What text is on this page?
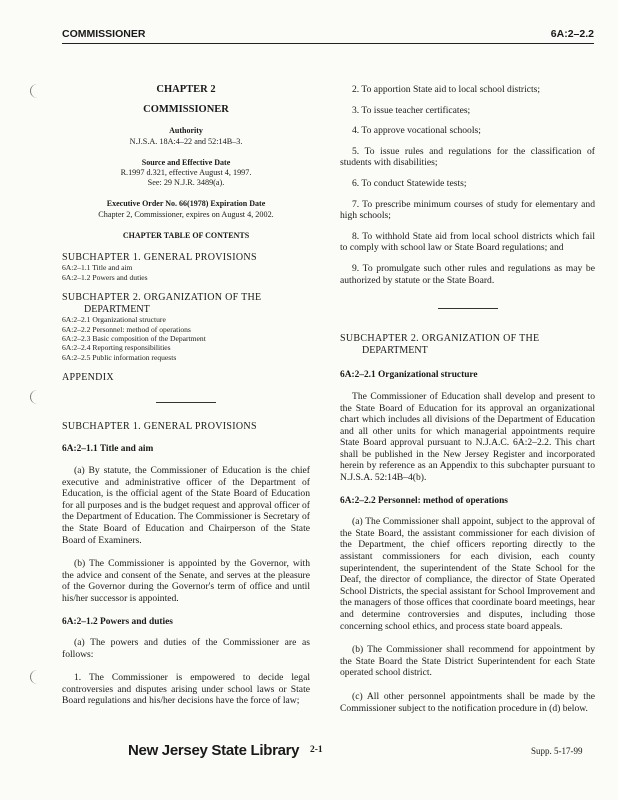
COMMISSIONER	6A:2–2.2
CHAPTER 2
COMMISSIONER
Authority
N.J.S.A. 18A:4–22 and 52:14B–3.
Source and Effective Date
R.1997 d.321, effective August 4, 1997.
See: 29 N.J.R. 3489(a).
Executive Order No. 66(1978) Expiration Date
Chapter 2, Commissioner, expires on August 4, 2002.
CHAPTER TABLE OF CONTENTS
SUBCHAPTER 1. GENERAL PROVISIONS
6A:2–1.1 Title and aim
6A:2–1.2 Powers and duties
SUBCHAPTER 2. ORGANIZATION OF THE
DEPARTMENT
6A:2–2.1 Organizational structure
6A:2–2.2 Personnel: method of operations
6A:2–2.3 Basic composition of the Department
6A:2–2.4 Reporting responsibilities
6A:2–2.5 Public information requests
APPENDIX
SUBCHAPTER 1. GENERAL PROVISIONS
6A:2–1.1 Title and aim

(a) By statute, the Commissioner of Education is the chief executive and administrative officer of the Department of Education, is the official agent of the State Board of Education for all purposes and is the budget request and approval officer of the Department of Education. The Commissioner is Secretary of the State Board of Education and Chairperson of the State Board of Examiners.

(b) The Commissioner is appointed by the Governor, with the advice and consent of the Senate, and serves at the pleasure of the Governor during the Governor's term of office and until his/her successor is appointed.

6A:2–1.2 Powers and duties

(a) The powers and duties of the Commissioner are as follows:

1. The Commissioner is empowered to decide legal controversies and disputes arising under school laws or State Board regulations and his/her decisions have the force of law;

2. To apportion State aid to local school districts;

3. To issue teacher certificates;

4. To approve vocational schools;

5. To issue rules and regulations for the classification of students with disabilities;

6. To conduct Statewide tests;

7. To prescribe minimum courses of study for elementary and high schools;

8. To withhold State aid from local school districts which fail to comply with school law or State Board regulations; and

9. To promulgate such other rules and regulations as may be authorized by statute or the State Board.

SUBCHAPTER 2. ORGANIZATION OF THE
DEPARTMENT
6A:2–2.1 Organizational structure

The Commissioner of Education shall develop and present to the State Board of Education for its approval an organizational chart which includes all divisions of the Department of Education and all other units for which managerial appointments require State Board approval pursuant to N.J.A.C. 6A:2–2.2. This chart shall be published in the New Jersey Register and incorporated herein by reference as an Appendix to this subchapter pursuant to N.J.S.A. 52:14B–4(b).

6A:2–2.2 Personnel: method of operations

(a) The Commissioner shall appoint, subject to the approval of the State Board, the assistant commissioner for each division of the Department, the chief officers reporting directly to the assistant commissioners for each division, each county superintendent, the superintendent of the State School for the Deaf, the director of compliance, the director of State Operated School Districts, the special assistant for School Improvement and the managers of those offices that coordinate board meetings, hear and determine controversies and disputes, including those concerning school ethics, and process state board appeals.

(b) The Commissioner shall recommend for appointment by the State Board the State District Superintendent for each State operated school district.

(c) All other personnel appointments shall be made by the Commissioner subject to the notification procedure in (d) below.

New Jersey State Library 2-1	Supp. 5-17-99
